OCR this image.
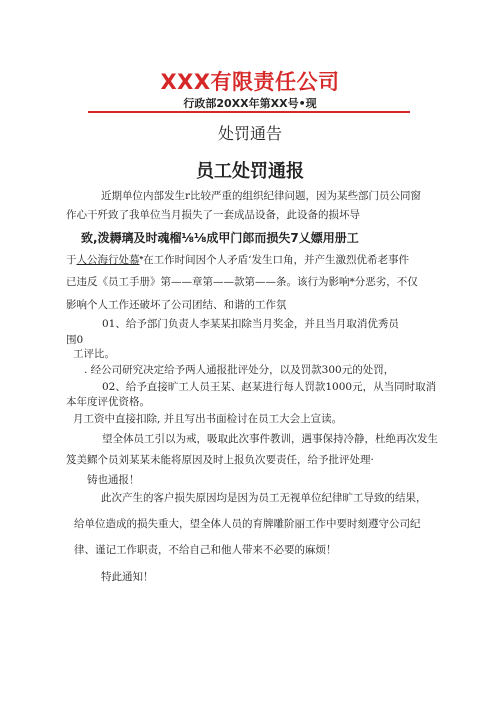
XXX有限责任公司
行政部20XX年第XX号•现
处罚通告
员工处罚通报
近期单位内部发生r比较严重的组织纪律问题，因为某些部门员公同窗
作心干歼致了我单位当月损失了一套成品设备，此设备的损坏导
致,泼耨璃及时魂榴⅛⅛成甲门郎而损失7乂嫖用册工
于人公海行处慕𝄌在工作时间因个人矛盾‘发生口角，并产生激烈优希老事件
已违反《员工手册》第——章第——款第——条。该行为影响*分恶劣，不仅
影响个人工作还破坏了公司团结、和谐的工作氛
01、给予部门负责人李某某扣除当月奖金，并且当月取消优秀员
围0
工评比。
. 经公司研究决定给予两人通报批评处分，以及罚款300元的处罚，
02、给予直接旷工人员王某、赵某进行每人罚款1000元，从当同时取消
本年度评优资格。
月工资中直接扣除, 并且写出书面检讨在员工大会上宣读。
望全体员工引以为戒，吸取此次事件教训，遇事保持冷静，杜绝再次发生
笈美鳏个员刘某某未能将原因及时上报负次要责任，给予批评处理·
铸也通报！
此次产生的客户损失原因均是因为员工无视单位纪律旷工导致的结果，
给单位造成的损失重大，望全体人员的育牌雕阶丽工作中要时刻遵守公司纪
律、谨记工作职责，不给自己和他人带来不必要的麻烦！
特此通知！
